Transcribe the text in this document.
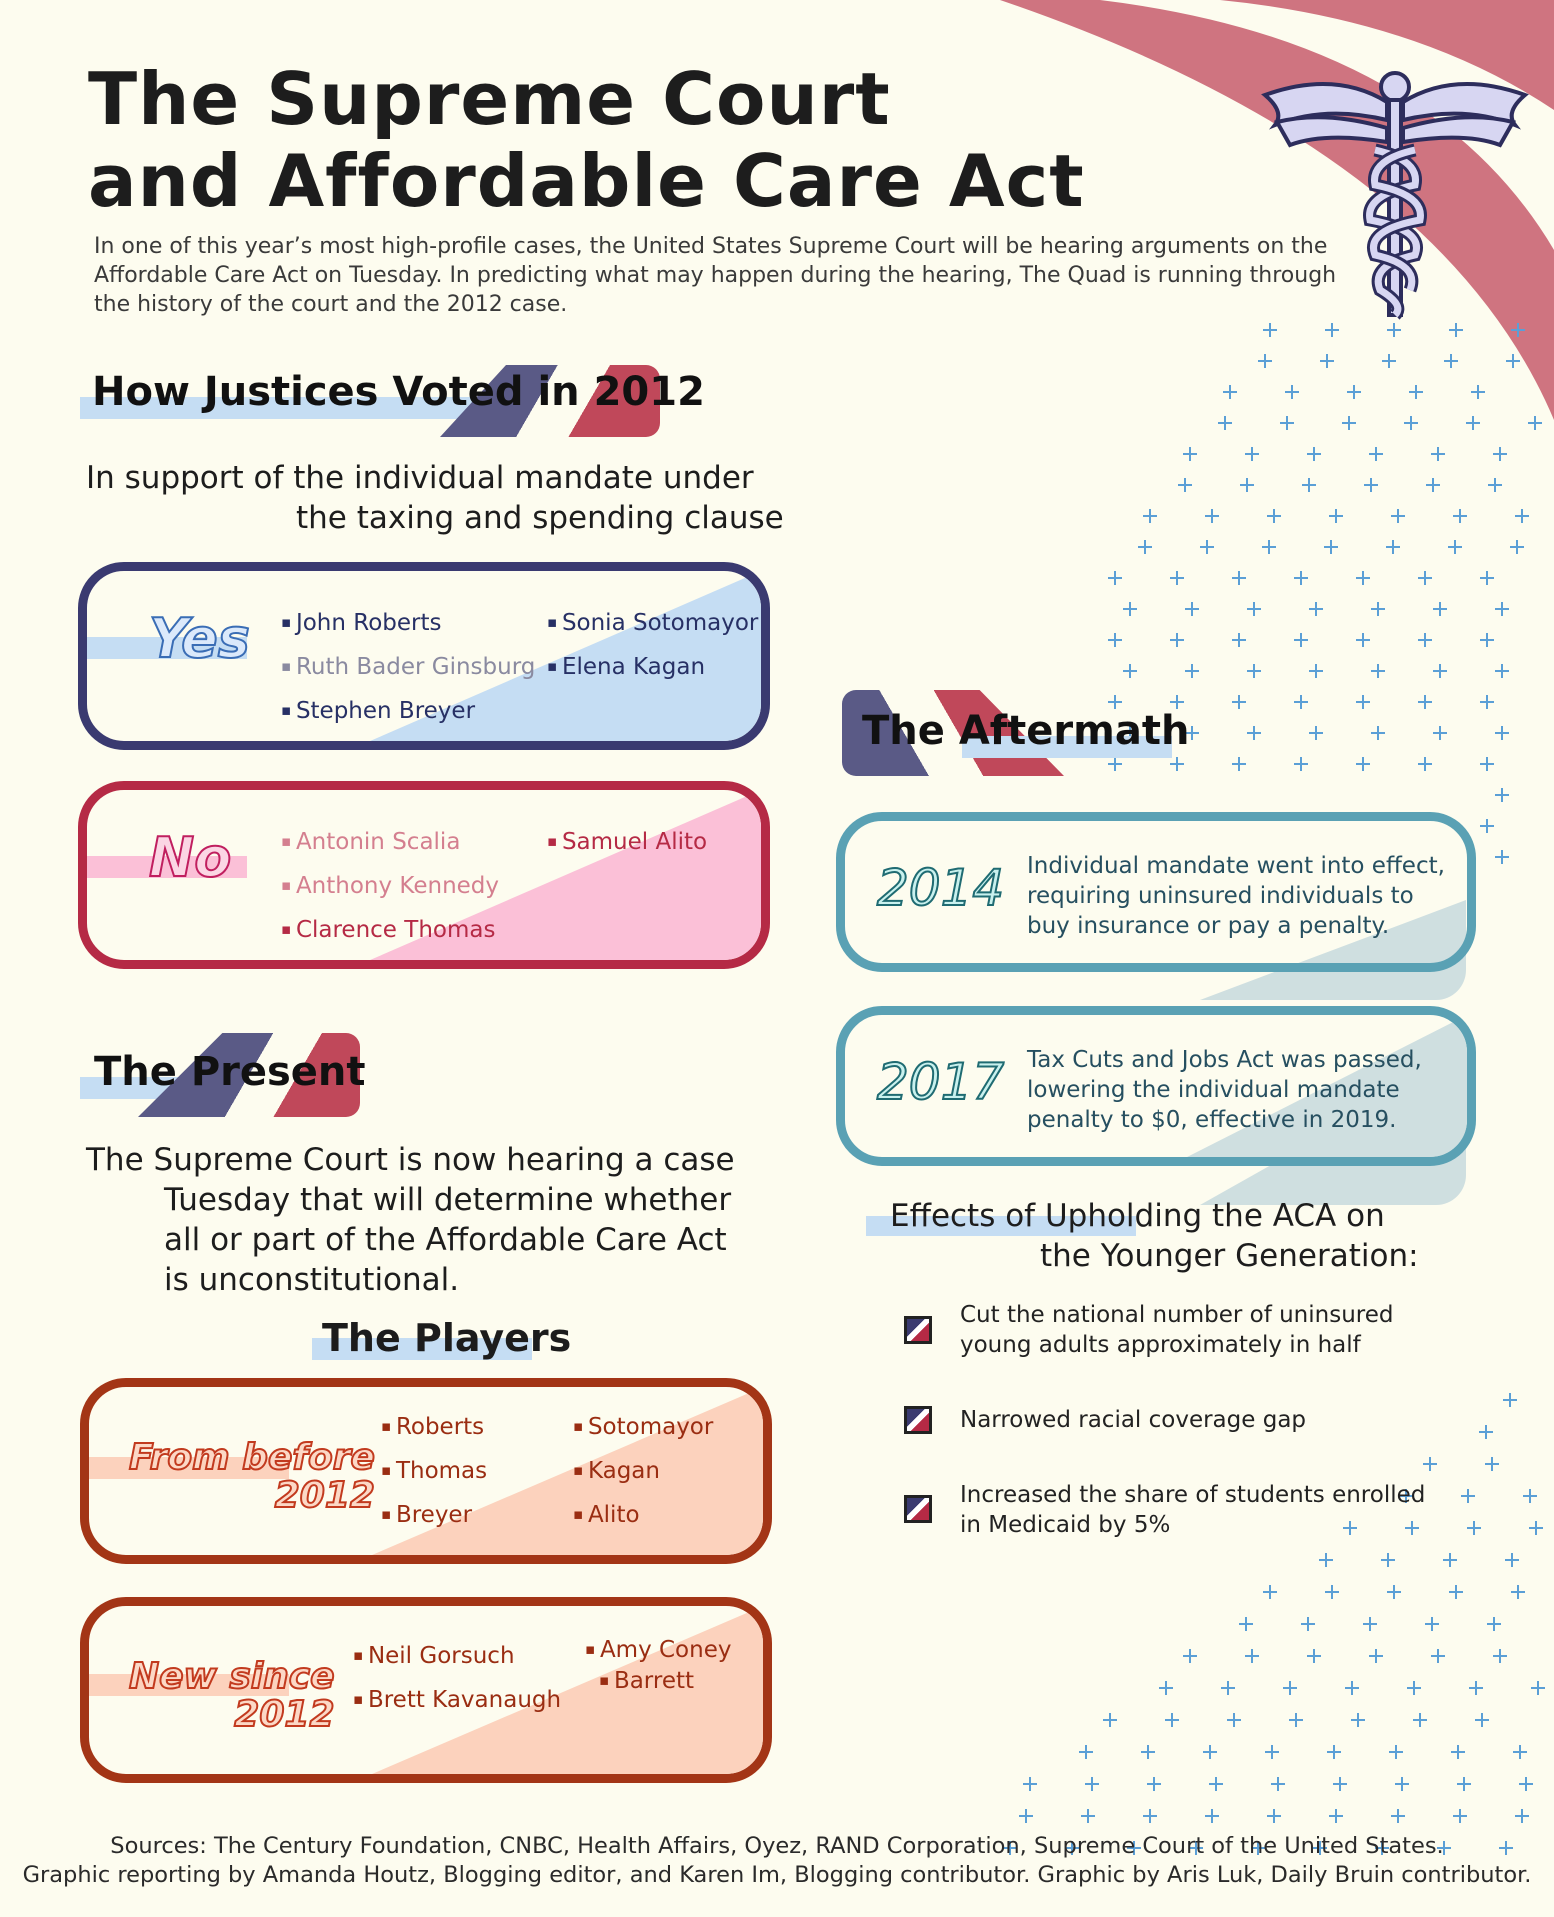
The Supreme Court
and Affordable Care Act
In one of this year’s most high-profile cases, the United States Supreme Court will be hearing arguments on the Affordable Care Act on Tuesday. In predicting what may happen during the hearing, The Quad is running through the history of the court and the 2012 case.
How Justices Voted in 2012
In support of the individual mandate under
the taxing and spending clause
Yes	▪ John Roberts
▪ Ruth Bader Ginsburg
▪ Stephen Breyer
▪ Sonia Sotomayor
▪ Elena Kagan
No	▪ Antonin Scalia
▪ Anthony Kennedy
▪ Clarence Thomas
▪ Samuel Alito
The Present
The Supreme Court is now hearing a case
Tuesday that will determine whether
all or part of the Affordable Care Act
is unconstitutional.
The Players
From before
2012
▪ Roberts
▪ Thomas
▪ Breyer
▪ Sotomayor
▪ Kagan
▪ Alito
New since
2012
▪ Neil Gorsuch
▪ Brett Kavanaugh
▪ Amy Coney
▪ Barrett
The Aftermath
2014 Individual mandate went into effect,
requiring uninsured individuals to
buy insurance or pay a penalty.
2017 Tax Cuts and Jobs Act was passed,
lowering the individual mandate
penalty to $0, effective in 2019.
Effects of Upholding the ACA on
the Younger Generation:
Cut the national number of uninsured
young adults approximately in half
Narrowed racial coverage gap
Increased the share of students enrolled
in Medicaid by 5%
Sources: The Century Foundation, CNBC, Health Affairs, Oyez, RAND Corporation, Supreme Court of the United States.
Graphic reporting by Amanda Houtz, Blogging editor, and Karen Im, Blogging contributor. Graphic by Aris Luk, Daily Bruin contributor.
